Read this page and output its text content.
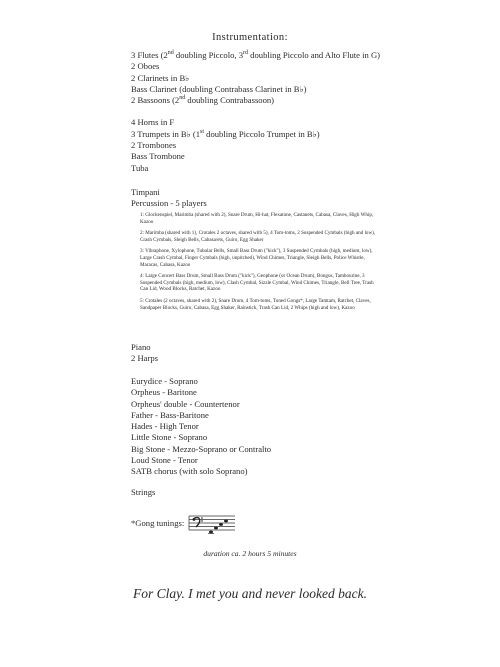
Instrumentation:
3 Flutes (2nd doubling Piccolo, 3rd doubling Piccolo and Alto Flute in G)
2 Oboes
2 Clarinets in B♭
Bass Clarinet (doubling Contrabass Clarinet in B♭)
2 Bassoons (2nd doubling Contrabassoon)
4 Horns in F
3 Trumpets in B♭ (1st doubling Piccolo Trumpet in B♭)
2 Trombones
Bass Trombone
Tuba
Timpani
Percussion - 5 players

1: Glockenspiel, Marimba (shared with 2), Snare Drum, Hi-hat, Flexatone, Castanets, Cabasa, Claves, High Whip, Kazoo

2: Marimba (shared with 1), Crotales 2 octaves, shared with 5), 4 Tom-toms, 2 Suspended Cymbals (high and low), Crash Cymbals, Sleigh Bells, Cabasa/ets, Guiro, Egg Shaker

3: Vibraphone, Xylophone, Tubular Bells, Small Bass Drum ("kick"), 3 Suspended Cymbals (high, medium, low), Large Crash Cymbal, Finger Cymbals (high, unpitched), Wind Chimes, Triangle, Sleigh Bells, Police Whistle, Maracas, Cabasa, Kazoo

4: Large Concert Bass Drum, Small Bass Drum ("kick"), Geophone (or Ocean Drum), Bongos, Tambourine, 3 Suspended Cymbals (high, medium, low), Clash Cymbal, Sizzle Cymbal, Wind Chimes, Triangle, Bell Tree, Trash Can Lid, Wood Blocks, Ratchet, Kazoo

5: Crotales (2 octaves, shared with 2), Snare Drum, 4 Tom-toms, Tuned Gongs*, Large Tamtam, Ratchet, Claves, Sandpaper Blocks, Guiro, Cabasa, Egg Shaker, Rainstick, Trash Can Lid, 2 Whips (high and low), Kazoo

Piano
2 Harps
Eurydice - Soprano
Orpheus - Baritone
Orpheus' double - Countertenor
Father - Bass-Baritone
Hades - High Tenor
Little Stone - Soprano
Big Stone - Mezzo-Soprano or Contralto
Loud Stone - Tenor
SATB chorus (with solo Soprano)
Strings
*Gong tunings:
duration ca. 2 hours 5 minutes
For Clay. I met you and never looked back.
